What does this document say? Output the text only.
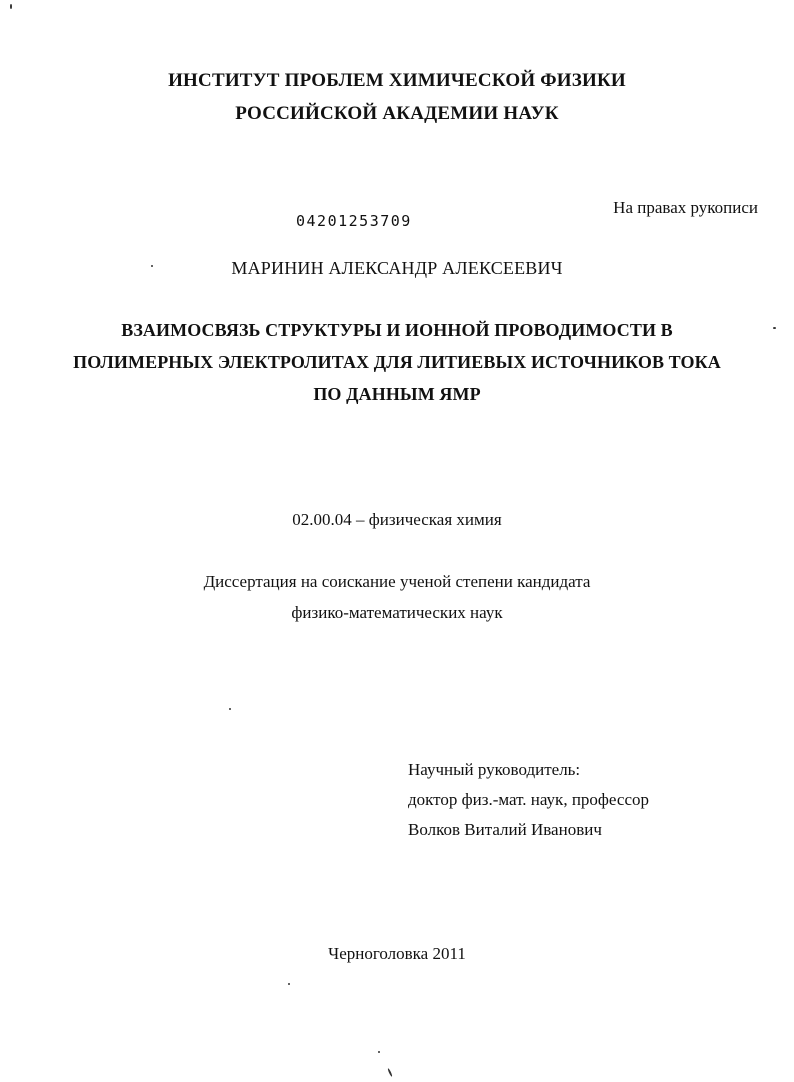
ИНСТИТУТ ПРОБЛЕМ ХИМИЧЕСКОЙ ФИЗИКИ
РОССИЙСКОЙ АКАДЕМИИ НАУК
На правах рукописи
04201253709
МАРИНИН АЛЕКСАНДР АЛЕКСЕЕВИЧ
ВЗАИМОСВЯЗЬ СТРУКТУРЫ И ИОННОЙ ПРОВОДИМОСТИ В
ПОЛИМЕРНЫХ ЭЛЕКТРОЛИТАХ ДЛЯ ЛИТИЕВЫХ ИСТОЧНИКОВ ТОКА
ПО ДАННЫМ ЯМР
02.00.04 – физическая химия
Диссертация на соискание ученой степени кандидата
физико-математических наук
Научный руководитель:
доктор физ.-мат. наук, профессор
Волков Виталий Иванович
Черноголовка 2011
